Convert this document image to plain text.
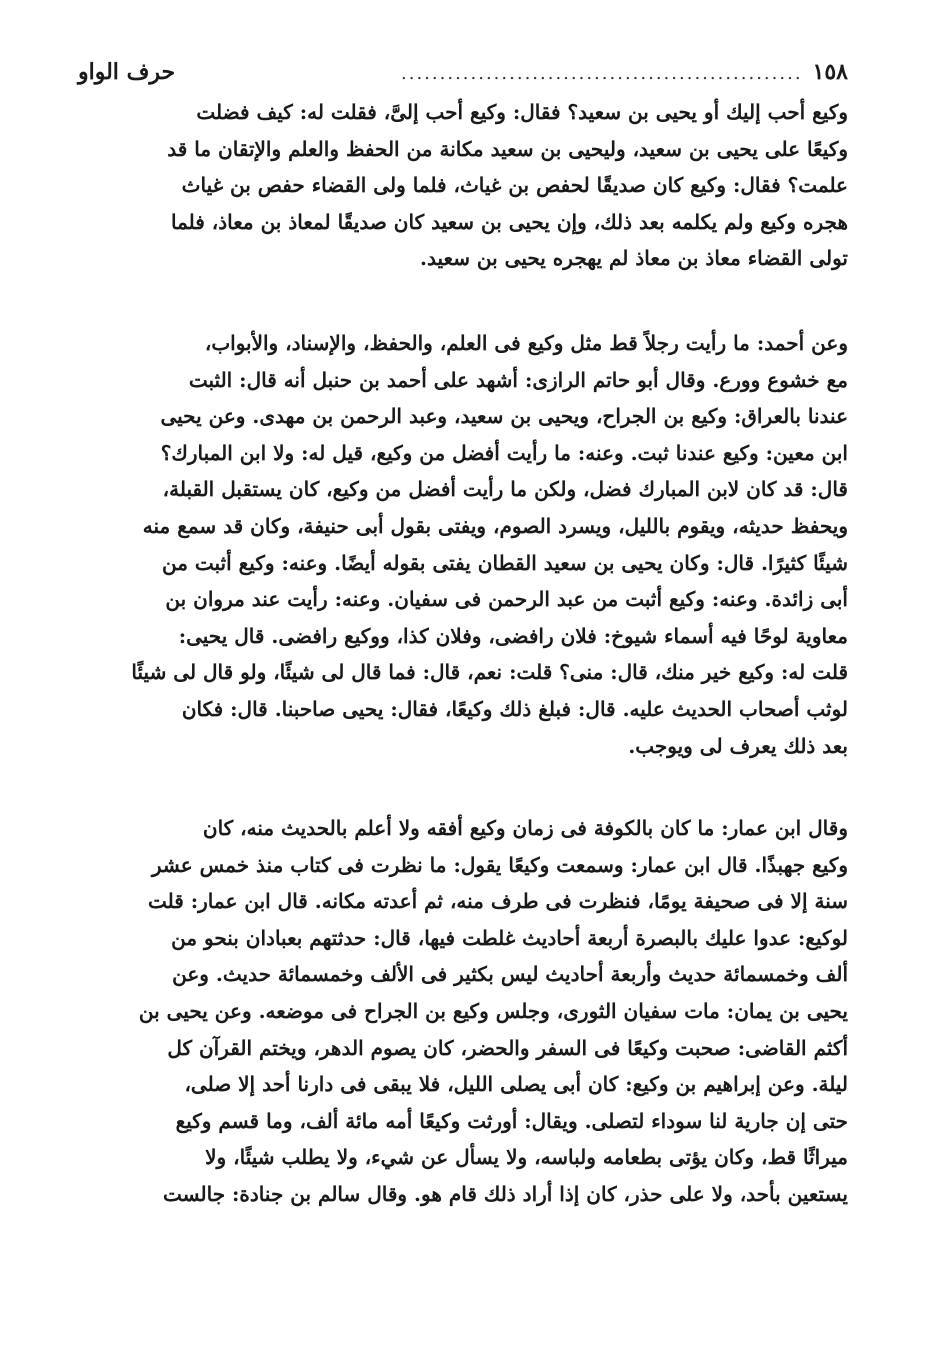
١٥٨
....................................................
حرف الواو

وكيع أحب إليك أو يحيى بن سعيد؟ فقال: وكيع أحب إلىَّ، فقلت له: كيف فضلت
وكيعًا على يحيى بن سعيد، وليحيى بن سعيد مكانة من الحفظ والعلم والإتقان ما قد
علمت؟ فقال: وكيع كان صديقًا لحفص بن غياث، فلما ولى القضاء حفص بن غياث
هجره وكيع ولم يكلمه بعد ذلك، وإن يحيى بن سعيد كان صديقًا لمعاذ بن معاذ، فلما
تولى القضاء معاذ بن معاذ لم يهجره يحيى بن سعيد.

وعن أحمد: ما رأيت رجلاً قط مثل وكيع فى العلم، والحفظ، والإسناد، والأبواب،
مع خشوع وورع. وقال أبو حاتم الرازى: أشهد على أحمد بن حنبل أنه قال: الثبت
عندنا بالعراق: وكيع بن الجراح، ويحيى بن سعيد، وعبد الرحمن بن مهدى. وعن يحيى
ابن معين: وكيع عندنا ثبت. وعنه: ما رأيت أفضل من وكيع، قيل له: ولا ابن المبارك؟
قال: قد كان لابن المبارك فضل، ولكن ما رأيت أفضل من وكيع، كان يستقبل القبلة،
ويحفظ حديثه، ويقوم بالليل، ويسرد الصوم، ويفتى بقول أبى حنيفة، وكان قد سمع منه
شيئًا كثيرًا. قال: وكان يحيى بن سعيد القطان يفتى بقوله أيضًا. وعنه: وكيع أثبت من
أبى زائدة. وعنه: وكيع أثبت من عبد الرحمن فى سفيان. وعنه: رأيت عند مروان بن
معاوية لوحًا فيه أسماء شيوخ: فلان رافضى، وفلان كذا، ووكيع رافضى. قال يحيى:
قلت له: وكيع خير منك، قال: منى؟ قلت: نعم، قال: فما قال لى شيئًا، ولو قال لى شيئًا
لوثب أصحاب الحديث عليه. قال: فبلغ ذلك وكيعًا، فقال: يحيى صاحبنا. قال: فكان
بعد ذلك يعرف لى ويوجب.

وقال ابن عمار: ما كان بالكوفة فى زمان وكيع أفقه ولا أعلم بالحديث منه، كان
وكيع جهبذًا. قال ابن عمار: وسمعت وكيعًا يقول: ما نظرت فى كتاب منذ خمس عشر
سنة إلا فى صحيفة يومًا، فنظرت فى طرف منه، ثم أعدته مكانه. قال ابن عمار: قلت
لوكيع: عدوا عليك بالبصرة أربعة أحاديث غلطت فيها، قال: حدثتهم بعبادان بنحو من
ألف وخمسمائة حديث وأربعة أحاديث ليس بكثير فى الألف وخمسمائة حديث. وعن
يحيى بن يمان: مات سفيان الثورى، وجلس وكيع بن الجراح فى موضعه. وعن يحيى بن
أكثم القاضى: صحبت وكيعًا فى السفر والحضر، كان يصوم الدهر، ويختم القرآن كل
ليلة. وعن إبراهيم بن وكيع: كان أبى يصلى الليل، فلا يبقى فى دارنا أحد إلا صلى،
حتى إن جارية لنا سوداء لتصلى. ويقال: أورثت وكيعًا أمه مائة ألف، وما قسم وكيع
ميراثًا قط، وكان يؤتى بطعامه ولباسه، ولا يسأل عن شيء، ولا يطلب شيئًا، ولا
يستعين بأحد، ولا على حذر، كان إذا أراد ذلك قام هو. وقال سالم بن جنادة: جالست
